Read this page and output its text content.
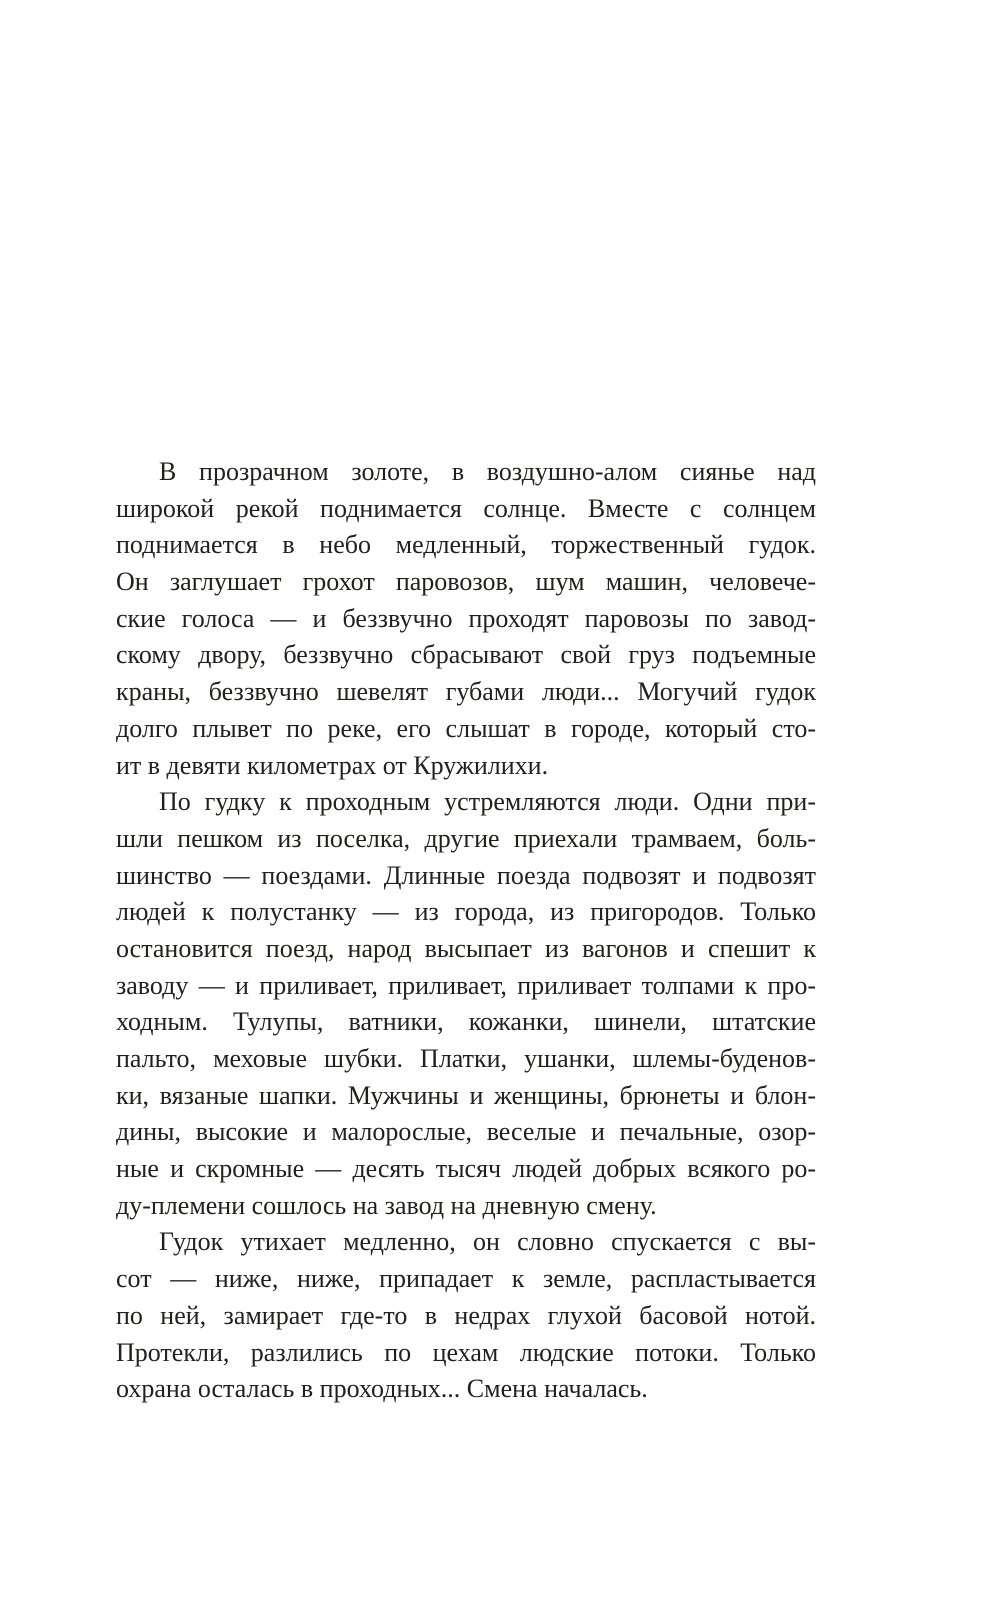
В прозрачном золоте, в воздушно-алом сиянье над
широкой рекой поднимается солнце. Вместе с солнцем
поднимается в небо медленный, торжественный гудок.
Он заглушает грохот паровозов, шум машин, человече-
ские голоса — и беззвучно проходят паровозы по завод-
скому двору, беззвучно сбрасывают свой груз подъемные
краны, беззвучно шевелят губами люди... Могучий гудок
долго плывет по реке, его слышат в городе, который сто-
ит в девяти километрах от Кружилихи.

По гудку к проходным устремляются люди. Одни при-
шли пешком из поселка, другие приехали трамваем, боль-
шинство — поездами. Длинные поезда подвозят и подвозят
людей к полустанку — из города, из пригородов. Только
остановится поезд, народ высыпает из вагонов и спешит к
заводу — и приливает, приливает, приливает толпами к про-
ходным. Тулупы, ватники, кожанки, шинели, штатские
пальто, меховые шубки. Платки, ушанки, шлемы-буденов-
ки, вязаные шапки. Мужчины и женщины, брюнеты и блон-
дины, высокие и малорослые, веселые и печальные, озор-
ные и скромные — десять тысяч людей добрых всякого ро-
ду-племени сошлось на завод на дневную смену.

Гудок утихает медленно, он словно спускается с вы-
сот — ниже, ниже, припадает к земле, распластывается
по ней, замирает где-то в недрах глухой басовой нотой.
Протекли, разлились по цехам людские потоки. Только
охрана осталась в проходных... Смена началась.
